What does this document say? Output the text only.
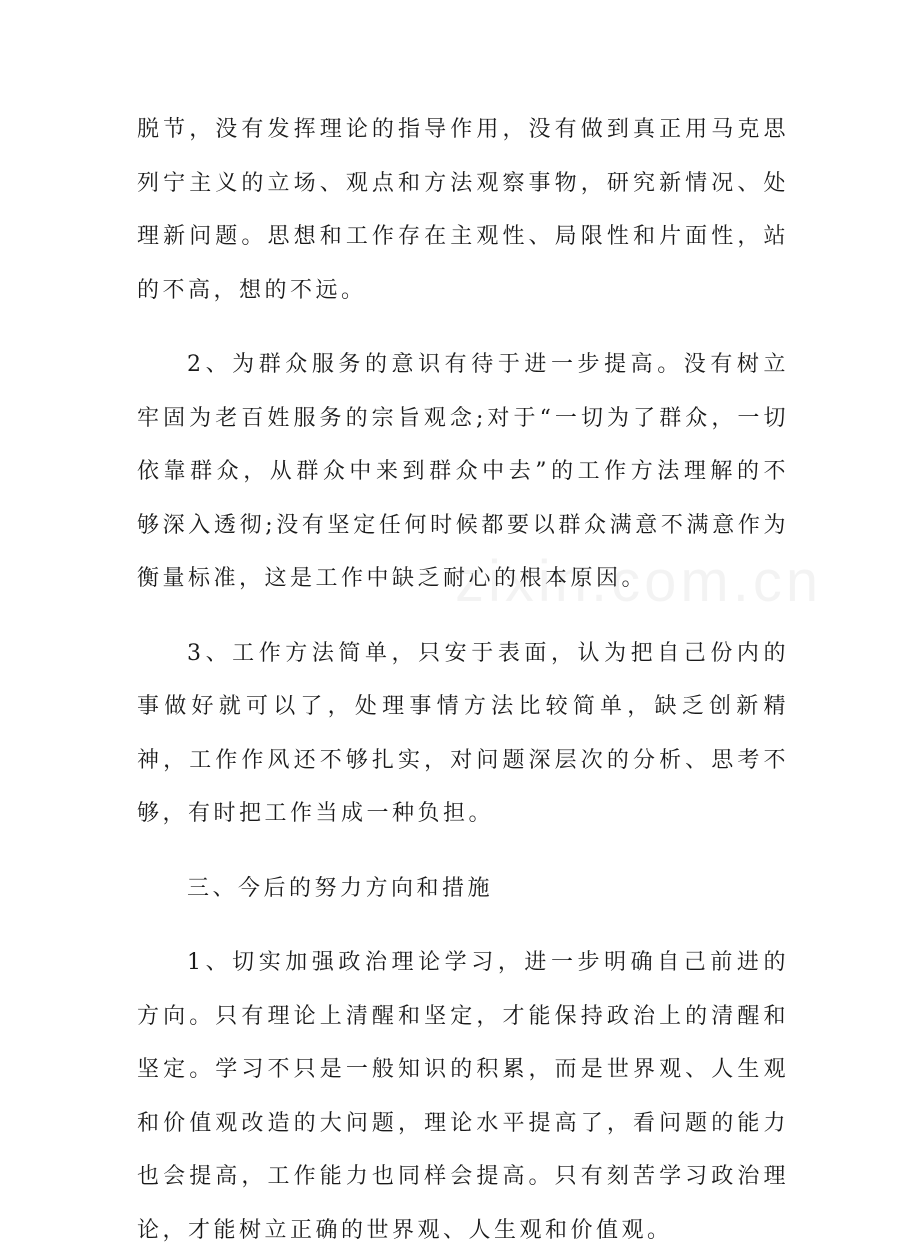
脱节，没有发挥理论的指导作用，没有做到真正用马克思列宁主义的立场、观点和方法观察事物，研究新情况、处理新问题。思想和工作存在主观性、局限性和片面性，站的不高，想的不远。

2、为群众服务的意识有待于进一步提高。没有树立牢固为老百姓服务的宗旨观念;对于“一切为了群众，一切依靠群众，从群众中来到群众中去”的工作方法理解的不够深入透彻;没有坚定任何时候都要以群众满意不满意作为衡量标准，这是工作中缺乏耐心的根本原因。

3、工作方法简单，只安于表面，认为把自己份内的事做好就可以了，处理事情方法比较简单，缺乏创新精神，工作作风还不够扎实，对问题深层次的分析、思考不够，有时把工作当成一种负担。

三、今后的努力方向和措施

1、切实加强政治理论学习，进一步明确自己前进的方向。只有理论上清醒和坚定，才能保持政治上的清醒和坚定。学习不只是一般知识的积累，而是世界观、人生观和价值观改造的大问题，理论水平提高了，看问题的能力也会提高，工作能力也同样会提高。只有刻苦学习政治理论，才能树立正确的世界观、人生观和价值观。
